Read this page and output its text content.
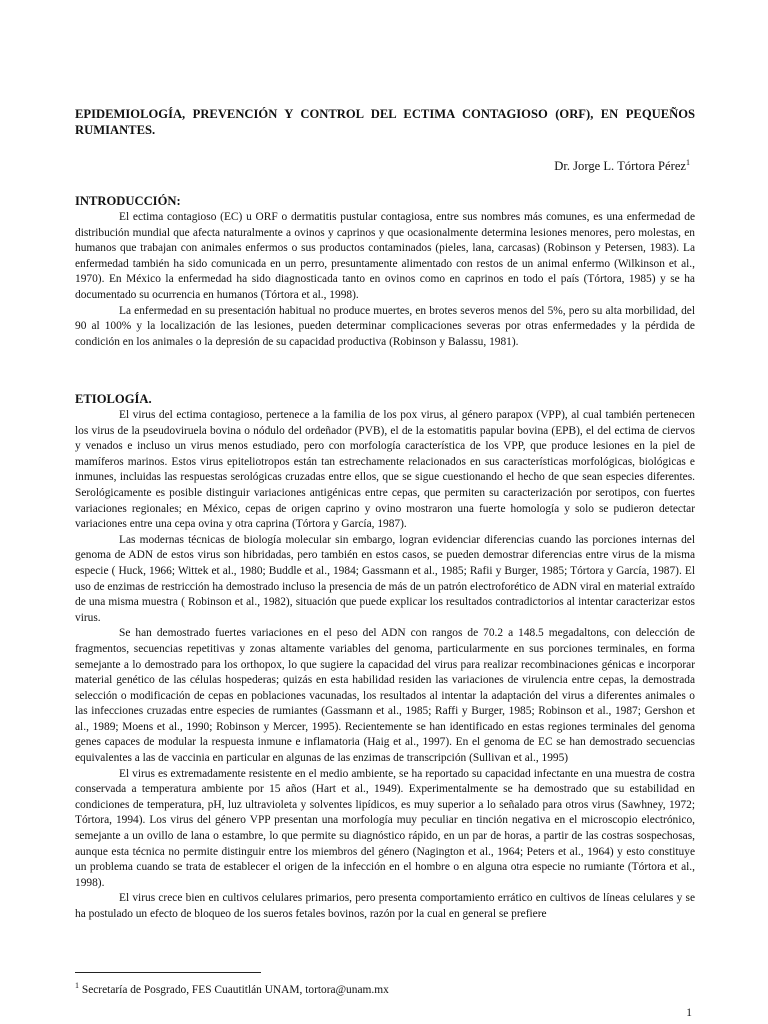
EPIDEMIOLOGÍA, PREVENCIÓN Y CONTROL DEL ECTIMA CONTAGIOSO (ORF), EN PEQUEÑOS RUMIANTES.
Dr. Jorge L. Tórtora Pérez$^1$
INTRODUCCIÓN:

El ectima contagioso (EC) u ORF o dermatitis pustular contagiosa, entre sus nombres más comunes, es una enfermedad de distribución mundial que afecta naturalmente a ovinos y caprinos y que ocasionalmente determina lesiones menores, pero molestas, en humanos que trabajan con animales enfermos o sus productos contaminados (pieles, lana, carcasas) (Robinson y Petersen, 1983). La enfermedad también ha sido comunicada en un perro, presuntamente alimentado con restos de un animal enfermo (Wilkinson et al., 1970). En México la enfermedad ha sido diagnosticada tanto en ovinos como en caprinos en todo el país (Tórtora, 1985) y se ha documentado su ocurrencia en humanos (Tórtora et al., 1998).

La enfermedad en su presentación habitual no produce muertes, en brotes severos menos del 5%, pero su alta morbilidad, del 90 al 100% y la localización de las lesiones, pueden determinar complicaciones severas por otras enfermedades y la pérdida de condición en los animales o la depresión de su capacidad productiva (Robinson y Balassu, 1981).

ETIOLOGÍA.

El virus del ectima contagioso, pertenece a la familia de los pox virus, al género parapox (VPP), al cual también pertenecen los virus de la pseudoviruela bovina o nódulo del ordeñador (PVB), el de la estomatitis papular bovina (EPB), el del ectima de ciervos y venados e incluso un virus menos estudiado, pero con morfología característica de los VPP, que produce lesiones en la piel de mamíferos marinos. Estos virus epiteliotropos están tan estrechamente relacionados en sus características morfológicas, biológicas e inmunes, incluidas las respuestas serológicas cruzadas entre ellos, que se sigue cuestionando el hecho de que sean especies diferentes. Serológicamente es posible distinguir variaciones antigénicas entre cepas, que permiten su caracterización por serotipos, con fuertes variaciones regionales; en México, cepas de origen caprino y ovino mostraron una fuerte homología y solo se pudieron detectar variaciones entre una cepa ovina y otra caprina (Tórtora y García, 1987).

Las modernas técnicas de biología molecular sin embargo, logran evidenciar diferencias cuando las porciones internas del genoma de ADN de estos virus son hibridadas, pero también en estos casos, se pueden demostrar diferencias entre virus de la misma especie ( Huck, 1966; Wittek et al., 1980; Buddle et al., 1984; Gassmann et al., 1985; Rafii y Burger, 1985; Tórtora y García, 1987). El uso de enzimas de restricción ha demostrado incluso la presencia de más de un patrón electroforético de ADN viral en material extraído de una misma muestra ( Robinson et al., 1982), situación que puede explicar los resultados contradictorios al intentar caracterizar estos virus.

Se han demostrado fuertes variaciones en el peso del ADN con rangos de 70.2 a 148.5 megadaltons, con delección de fragmentos, secuencias repetitivas y zonas altamente variables del genoma, particularmente en sus porciones terminales, en forma semejante a lo demostrado para los orthopox, lo que sugiere la capacidad del virus para realizar recombinaciones génicas e incorporar material genético de las células hospederas; quizás en esta habilidad residen las variaciones de virulencia entre cepas, la demostrada selección o modificación de cepas en poblaciones vacunadas, los resultados al intentar la adaptación del virus a diferentes animales o las infecciones cruzadas entre especies de rumiantes (Gassmann et al., 1985; Raffi y Burger, 1985; Robinson et al., 1987; Gershon et al., 1989; Moens et al., 1990; Robinson y Mercer, 1995). Recientemente se han identificado en estas regiones terminales del genoma genes capaces de modular la respuesta inmune e inflamatoria (Haig et al., 1997). En el genoma de EC se han demostrado secuencias equivalentes a las de vaccinia en particular en algunas de las enzimas de transcripción (Sullivan et al., 1995)

El virus es extremadamente resistente en el medio ambiente, se ha reportado su capacidad infectante en una muestra de costra conservada a temperatura ambiente por 15 años (Hart et al., 1949). Experimentalmente se ha demostrado que su estabilidad en condiciones de temperatura, pH, luz ultravioleta y solventes lipídicos, es muy superior a lo señalado para otros virus (Sawhney, 1972; Tórtora, 1994). Los virus del género VPP presentan una morfología muy peculiar en tinción negativa en el microscopio electrónico, semejante a un ovillo de lana o estambre, lo que permite su diagnóstico rápido, en un par de horas, a partir de las costras sospechosas, aunque esta técnica no permite distinguir entre los miembros del género (Nagington et al., 1964; Peters et al., 1964) y esto constituye un problema cuando se trata de establecer el origen de la infección en el hombre o en alguna otra especie no rumiante (Tórtora et al., 1998).

El virus crece bien en cultivos celulares primarios, pero presenta comportamiento errático en cultivos de líneas celulares y se ha postulado un efecto de bloqueo de los sueros fetales bovinos, razón por la cual en general se prefiere

$^1$ Secretaría de Posgrado, FES Cuautitlán UNAM, tortora@unam.mx
1
